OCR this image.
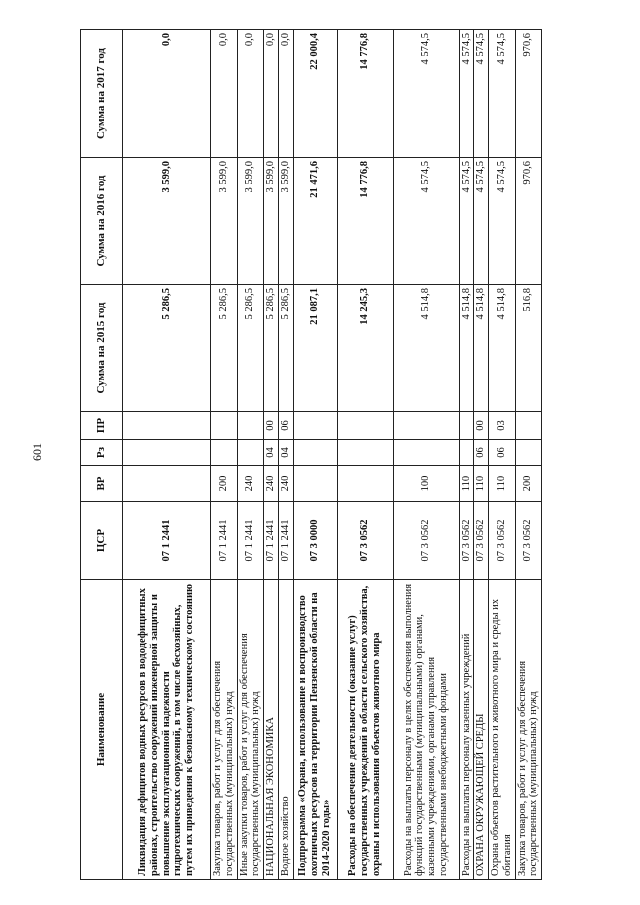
601
Наименование	ЦСР	ВР	Рз	ПР	Сумма на 2015 год	Сумма на 2016 год	Сумма на 2017 год
Ликвидация дефицитов водных ресурсов в вододефицитных районах, строительство сооружений инженерной защиты и повышение эксплуатационной надежности гидротехнических сооружений, в том числе бесхозяйных, путем их приведения к безопасному техническому состоянию	07 1 2441				5 286,5	3 599,0	0,0
Закупка товаров, работ и услуг для обеспечения государственных (муниципальных) нужд	07 1 2441	200			5 286,5	3 599,0	0,0
Иные закупки товаров, работ и услуг для обеспечения государственных (муниципальных) нужд	07 1 2441	240			5 286,5	3 599,0	0,0
НАЦИОНАЛЬНАЯ ЭКОНОМИКА	07 1 2441	240	04	00	5 286,5	3 599,0	0,0
Водное хозяйство	07 1 2441	240	04	06	5 286,5	3 599,0	0,0
Подпрограмма «Охрана, использование и воспроизводство охотничьих ресурсов на территории Пензенской области на 2014-2020 годы»	07 3 0000				21 087,1	21 471,6	22 000,4
Расходы на обеспечение деятельности (оказание услуг) государственных учреждений в области сельского хозяйства, охраны и использования объектов животного мира	07 3 0562				14 245,3	14 776,8	14 776,8
Расходы на выплаты персоналу в целях обеспечения выполнения функций государственными (муниципальными) органами, казенными учреждениями, органами управления государственными внебюджетными фондами	07 3 0562	100			4 514,8	4 574,5	4 574,5
Расходы на выплаты персоналу казенных учреждений	07 3 0562	110			4 514,8	4 574,5	4 574,5
ОХРАНА ОКРУЖАЮЩЕЙ СРЕДЫ	07 3 0562	110	06	00	4 514,8	4 574,5	4 574,5
Охрана объектов растительного и животного мира и среды их обитания	07 3 0562	110	06	03	4 514,8	4 574,5	4 574,5
Закупка товаров, работ и услуг для обеспечения государственных (муниципальных) нужд	07 3 0562	200			516,8	970,6	970,6
